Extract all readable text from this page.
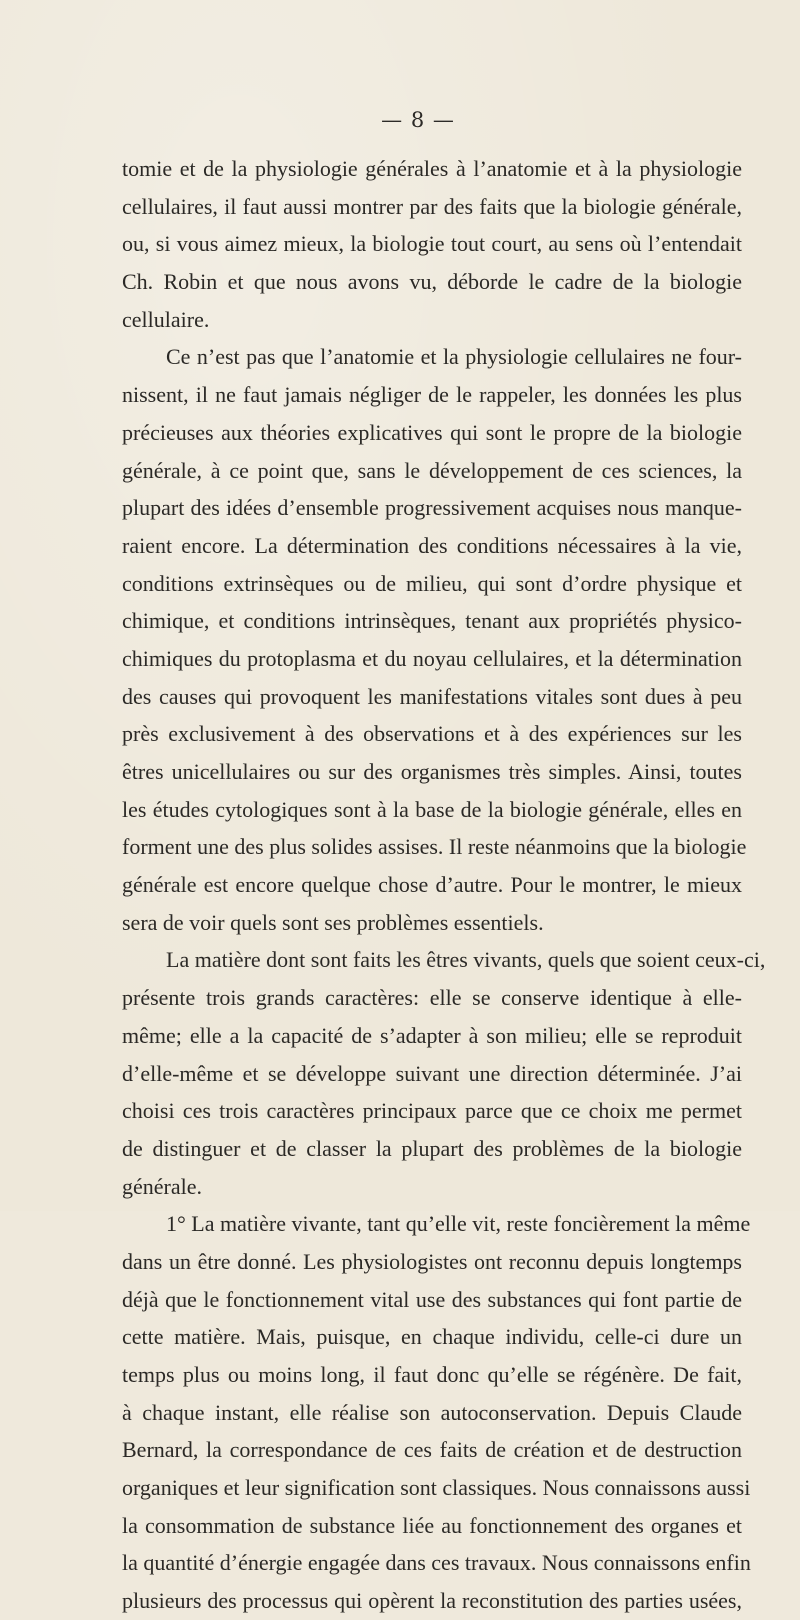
— 8 —
tomie et de la physiologie générales à l’anatomie et à la physiologie
cellulaires, il faut aussi montrer par des faits que la biologie générale,
ou, si vous aimez mieux, la biologie tout court, au sens où l’entendait
Ch. Robin et que nous avons vu, déborde le cadre de la biologie
cellulaire.
Ce n’est pas que l’anatomie et la physiologie cellulaires ne four-
nissent, il ne faut jamais négliger de le rappeler, les données les plus
précieuses aux théories explicatives qui sont le propre de la biologie
générale, à ce point que, sans le développement de ces sciences, la
plupart des idées d’ensemble progressivement acquises nous manque-
raient encore. La détermination des conditions nécessaires à la vie,
conditions extrinsèques ou de milieu, qui sont d’ordre physique et
chimique, et conditions intrinsèques, tenant aux propriétés physico-
chimiques du protoplasma et du noyau cellulaires, et la détermination
des causes qui provoquent les manifestations vitales sont dues à peu
près exclusivement à des observations et à des expériences sur les
êtres unicellulaires ou sur des organismes très simples. Ainsi, toutes
les études cytologiques sont à la base de la biologie générale, elles en
forment une des plus solides assises. Il reste néanmoins que la biologie
générale est encore quelque chose d’autre. Pour le montrer, le mieux
sera de voir quels sont ses problèmes essentiels.
La matière dont sont faits les êtres vivants, quels que soient ceux-ci,
présente trois grands caractères: elle se conserve identique à elle-
même; elle a la capacité de s’adapter à son milieu; elle se reproduit
d’elle-même et se développe suivant une direction déterminée. J’ai
choisi ces trois caractères principaux parce que ce choix me permet
de distinguer et de classer la plupart des problèmes de la biologie
générale.
1° La matière vivante, tant qu’elle vit, reste foncièrement la même
dans un être donné. Les physiologistes ont reconnu depuis longtemps
déjà que le fonctionnement vital use des substances qui font partie de
cette matière. Mais, puisque, en chaque individu, celle-ci dure un
temps plus ou moins long, il faut donc qu’elle se régénère. De fait,
à chaque instant, elle réalise son autoconservation. Depuis Claude
Bernard, la correspondance de ces faits de création et de destruction
organiques et leur signification sont classiques. Nous connaissons aussi
la consommation de substance liée au fonctionnement des organes et
la quantité d’énergie engagée dans ces travaux. Nous connaissons enfin
plusieurs des processus qui opèrent la reconstitution des parties usées,
